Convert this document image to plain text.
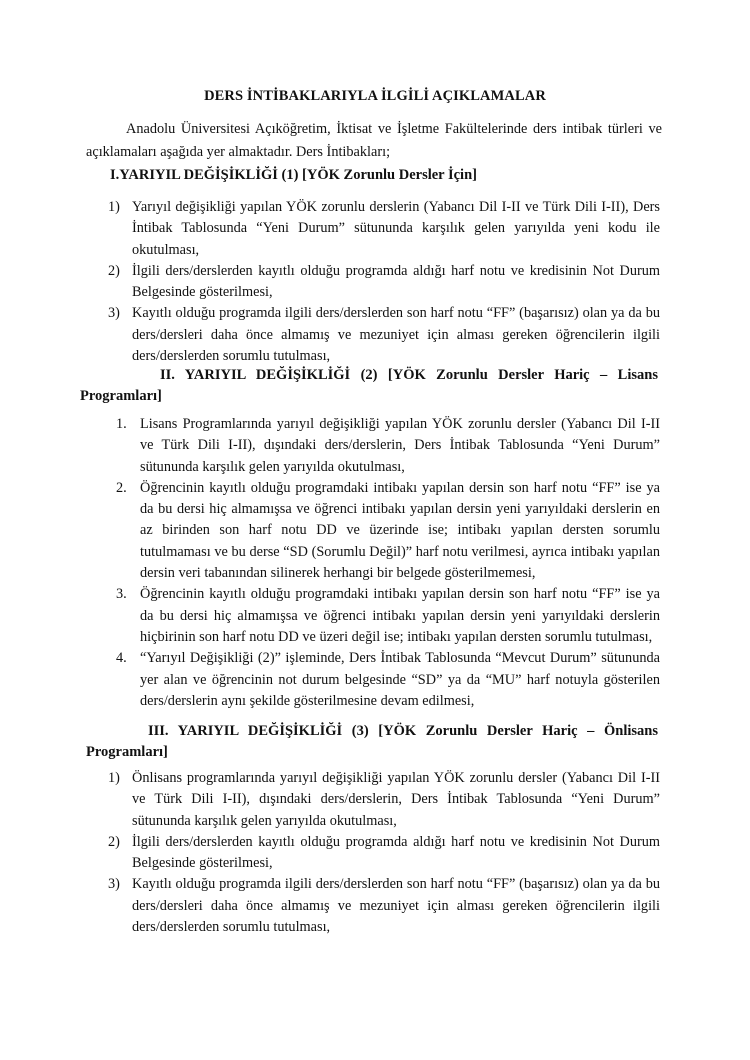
DERS İNTİBAKLARIYLA İLGİLİ AÇIKLAMALAR
Anadolu Üniversitesi Açıköğretim, İktisat ve İşletme Fakültelerinde ders intibak türleri ve açıklamaları aşağıda yer almaktadır. Ders İntibakları;
I.YARIYIL DEĞİŞİKLİĞİ (1) [YÖK Zorunlu Dersler İçin]
1) Yarıyıl değişikliği yapılan YÖK zorunlu derslerin (Yabancı Dil I-II ve Türk Dili I-II), Ders İntibak Tablosunda “Yeni Durum” sütununda karşılık gelen yarıyılda yeni kodu ile okutulması,
2) İlgili ders/derslerden kayıtlı olduğu programda aldığı harf notu ve kredisinin Not Durum Belgesinde gösterilmesi,
3) Kayıtlı olduğu programda ilgili ders/derslerden son harf notu “FF” (başarısız) olan ya da bu ders/dersleri daha önce almamış ve mezuniyet için alması gereken öğrencilerin ilgili ders/derslerden sorumlu tutulması,
II. YARIYIL DEĞİŞİKLİĞİ (2) [YÖK Zorunlu Dersler Hariç – Lisans Programları]
1. Lisans Programlarında yarıyıl değişikliği yapılan YÖK zorunlu dersler (Yabancı Dil I-II ve Türk Dili I-II), dışındaki ders/derslerin, Ders İntibak Tablosunda “Yeni Durum” sütununda karşılık gelen yarıyılda okutulması,
2. Öğrencinin kayıtlı olduğu programdaki intibakı yapılan dersin son harf notu “FF” ise ya da bu dersi hiç almamışsa ve öğrenci intibakı yapılan dersin yeni yarıyıldaki derslerin en az birinden son harf notu DD ve üzerinde ise; intibakı yapılan dersten sorumlu tutulmaması ve bu derse “SD (Sorumlu Değil)” harf notu verilmesi, ayrıca intibakı yapılan dersin veri tabanından silinerek herhangi bir belgede gösterilmemesi,
3. Öğrencinin kayıtlı olduğu programdaki intibakı yapılan dersin son harf notu “FF” ise ya da bu dersi hiç almamışsa ve öğrenci intibakı yapılan dersin yeni yarıyıldaki derslerin hiçbirinin son harf notu DD ve üzeri değil ise; intibakı yapılan dersten sorumlu tutulması,
4. “Yarıyıl Değişikliği (2)” işleminde, Ders İntibak Tablosunda “Mevcut Durum” sütununda yer alan ve öğrencinin not durum belgesinde “SD” ya da “MU” harf notuyla gösterilen ders/derslerin aynı şekilde gösterilmesine devam edilmesi,
III. YARIYIL DEĞİŞİKLİĞİ (3) [YÖK Zorunlu Dersler Hariç – Önlisans Programları]
1) Önlisans programlarında yarıyıl değişikliği yapılan YÖK zorunlu dersler (Yabancı Dil I-II ve Türk Dili I-II), dışındaki ders/derslerin, Ders İntibak Tablosunda “Yeni Durum” sütununda karşılık gelen yarıyılda okutulması,
2) İlgili ders/derslerden kayıtlı olduğu programda aldığı harf notu ve kredisinin Not Durum Belgesinde gösterilmesi,
3) Kayıtlı olduğu programda ilgili ders/derslerden son harf notu “FF” (başarısız) olan ya da bu ders/dersleri daha önce almamış ve mezuniyet için alması gereken öğrencilerin ilgili ders/derslerden sorumlu tutulması,
